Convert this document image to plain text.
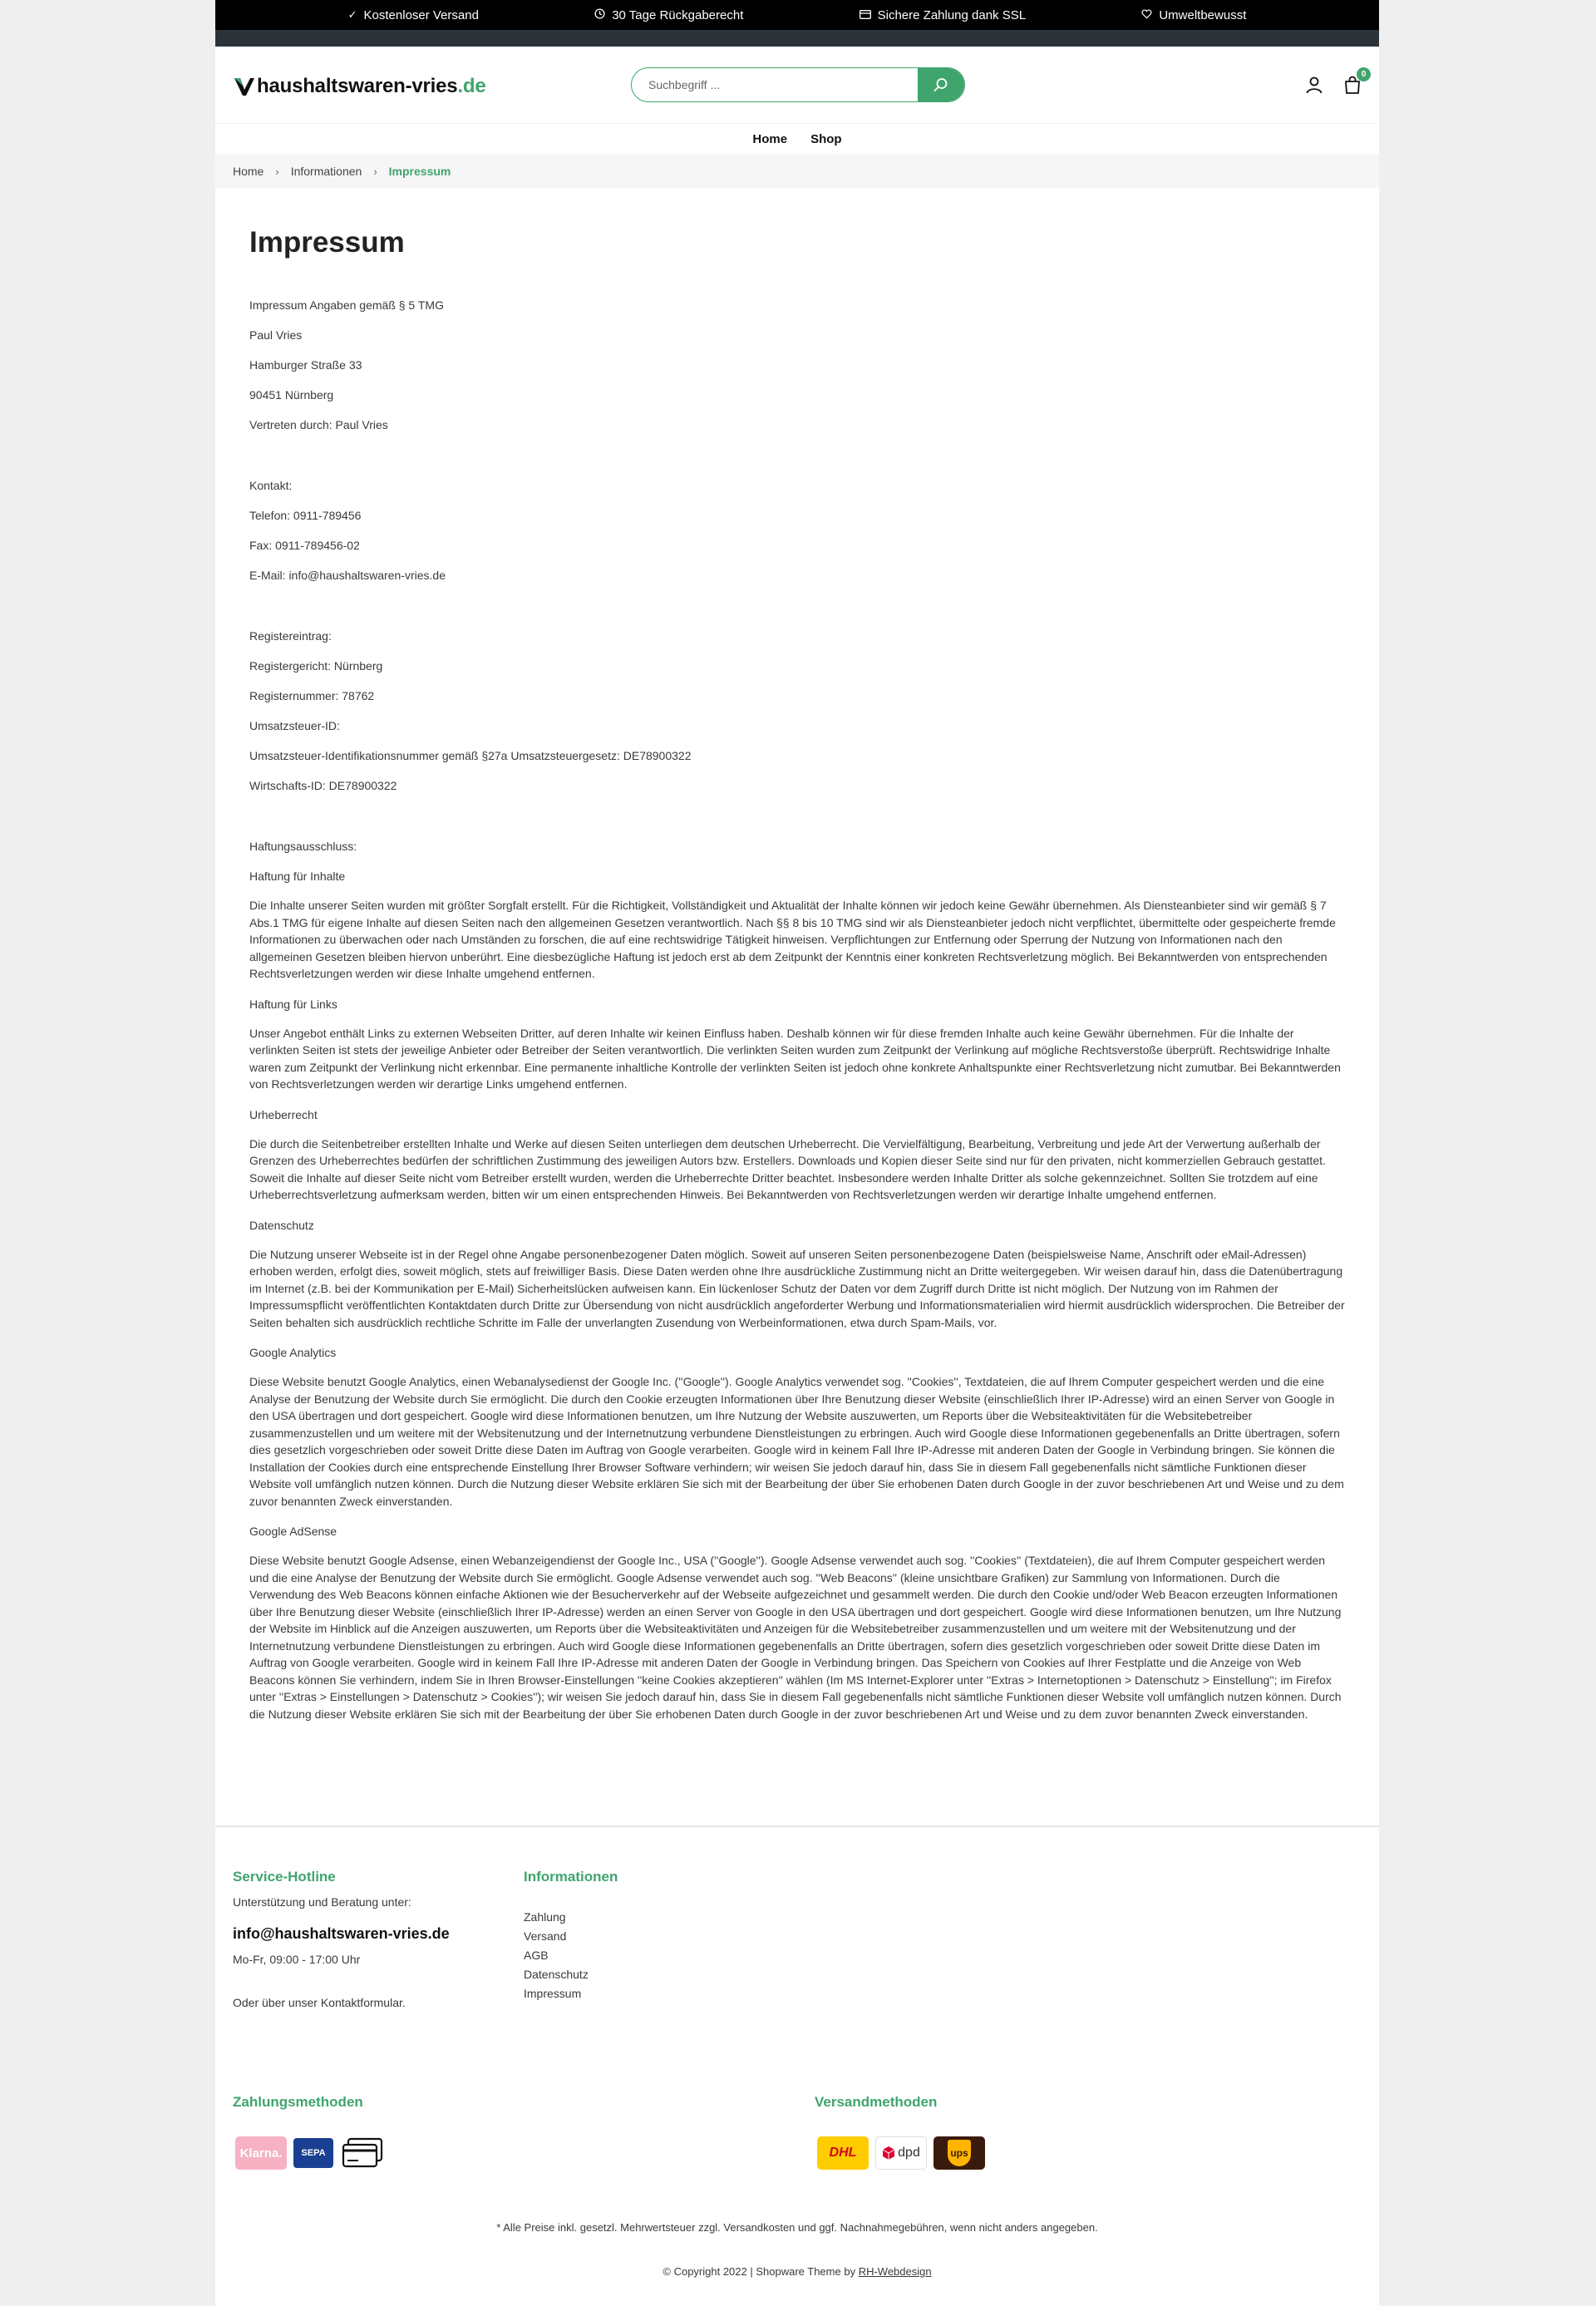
✓ Kostenloser Versand	30 Tage Rückgaberecht	Sichere Zahlung dank SSL	Umweltbewusst
haushaltswaren-vries .de
Suchbegriff ...
0
Home Shop
Home › Informationen › Impressum
Impressum

Impressum Angaben gemäß § 5 TMG

Paul Vries

Hamburger Straße 33

90451 Nürnberg

Vertreten durch: Paul Vries

Kontakt:

Telefon: 0911-789456

Fax: 0911-789456-02

E-Mail: info@haushaltswaren-vries.de

Registereintrag:

Registergericht: Nürnberg

Registernummer: 78762

Umsatzsteuer-ID:

Umsatzsteuer-Identifikationsnummer gemäß §27a Umsatzsteuergesetz: DE78900322

Wirtschafts-ID: DE78900322

Haftungsausschluss:

Haftung für Inhalte

Die Inhalte unserer Seiten wurden mit größter Sorgfalt erstellt. Für die Richtigkeit, Vollständigkeit und Aktualität der Inhalte können wir jedoch keine Gewähr übernehmen. Als Diensteanbieter sind wir gemäß § 7 Abs.1 TMG für eigene Inhalte auf diesen Seiten nach den allgemeinen Gesetzen verantwortlich. Nach §§ 8 bis 10 TMG sind wir als Diensteanbieter jedoch nicht verpflichtet, übermittelte oder gespeicherte fremde Informationen zu überwachen oder nach Umständen zu forschen, die auf eine rechtswidrige Tätigkeit hinweisen. Verpflichtungen zur Entfernung oder Sperrung der Nutzung von Informationen nach den allgemeinen Gesetzen bleiben hiervon unberührt. Eine diesbezügliche Haftung ist jedoch erst ab dem Zeitpunkt der Kenntnis einer konkreten Rechtsverletzung möglich. Bei Bekanntwerden von entsprechenden Rechtsverletzungen werden wir diese Inhalte umgehend entfernen.

Haftung für Links

Unser Angebot enthält Links zu externen Webseiten Dritter, auf deren Inhalte wir keinen Einfluss haben. Deshalb können wir für diese fremden Inhalte auch keine Gewähr übernehmen. Für die Inhalte der verlinkten Seiten ist stets der jeweilige Anbieter oder Betreiber der Seiten verantwortlich. Die verlinkten Seiten wurden zum Zeitpunkt der Verlinkung auf mögliche Rechtsverstoße überprüft. Rechtswidrige Inhalte waren zum Zeitpunkt der Verlinkung nicht erkennbar. Eine permanente inhaltliche Kontrolle der verlinkten Seiten ist jedoch ohne konkrete Anhaltspunkte einer Rechtsverletzung nicht zumutbar. Bei Bekanntwerden von Rechtsverletzungen werden wir derartige Links umgehend entfernen.

Urheberrecht

Die durch die Seitenbetreiber erstellten Inhalte und Werke auf diesen Seiten unterliegen dem deutschen Urheberrecht. Die Vervielfältigung, Bearbeitung, Verbreitung und jede Art der Verwertung außerhalb der Grenzen des Urheberrechtes bedürfen der schriftlichen Zustimmung des jeweiligen Autors bzw. Erstellers. Downloads und Kopien dieser Seite sind nur für den privaten, nicht kommerziellen Gebrauch gestattet. Soweit die Inhalte auf dieser Seite nicht vom Betreiber erstellt wurden, werden die Urheberrechte Dritter beachtet. Insbesondere werden Inhalte Dritter als solche gekennzeichnet. Sollten Sie trotzdem auf eine Urheberrechtsverletzung aufmerksam werden, bitten wir um einen entsprechenden Hinweis. Bei Bekanntwerden von Rechtsverletzungen werden wir derartige Inhalte umgehend entfernen.

Datenschutz

Die Nutzung unserer Webseite ist in der Regel ohne Angabe personenbezogener Daten möglich. Soweit auf unseren Seiten personenbezogene Daten (beispielsweise Name, Anschrift oder eMail-Adressen) erhoben werden, erfolgt dies, soweit möglich, stets auf freiwilliger Basis. Diese Daten werden ohne Ihre ausdrückliche Zustimmung nicht an Dritte weitergegeben. Wir weisen darauf hin, dass die Datenübertragung im Internet (z.B. bei der Kommunikation per E-Mail) Sicherheitslücken aufweisen kann. Ein lückenloser Schutz der Daten vor dem Zugriff durch Dritte ist nicht möglich. Der Nutzung von im Rahmen der Impressumspflicht veröffentlichten Kontaktdaten durch Dritte zur Übersendung von nicht ausdrücklich angeforderter Werbung und Informationsmaterialien wird hiermit ausdrücklich widersprochen. Die Betreiber der Seiten behalten sich ausdrücklich rechtliche Schritte im Falle der unverlangten Zusendung von Werbeinformationen, etwa durch Spam-Mails, vor.

Google Analytics

Diese Website benutzt Google Analytics, einen Webanalysedienst der Google Inc. (''Google''). Google Analytics verwendet sog. ''Cookies'', Textdateien, die auf Ihrem Computer gespeichert werden und die eine Analyse der Benutzung der Website durch Sie ermöglicht. Die durch den Cookie erzeugten Informationen über Ihre Benutzung dieser Website (einschließlich Ihrer IP-Adresse) wird an einen Server von Google in den USA übertragen und dort gespeichert. Google wird diese Informationen benutzen, um Ihre Nutzung der Website auszuwerten, um Reports über die Websiteaktivitäten für die Websitebetreiber zusammenzustellen und um weitere mit der Websitenutzung und der Internetnutzung verbundene Dienstleistungen zu erbringen. Auch wird Google diese Informationen gegebenenfalls an Dritte übertragen, sofern dies gesetzlich vorgeschrieben oder soweit Dritte diese Daten im Auftrag von Google verarbeiten. Google wird in keinem Fall Ihre IP-Adresse mit anderen Daten der Google in Verbindung bringen. Sie können die Installation der Cookies durch eine entsprechende Einstellung Ihrer Browser Software verhindern; wir weisen Sie jedoch darauf hin, dass Sie in diesem Fall gegebenenfalls nicht sämtliche Funktionen dieser Website voll umfänglich nutzen können. Durch die Nutzung dieser Website erklären Sie sich mit der Bearbeitung der über Sie erhobenen Daten durch Google in der zuvor beschriebenen Art und Weise und zu dem zuvor benannten Zweck einverstanden.

Google AdSense

Diese Website benutzt Google Adsense, einen Webanzeigendienst der Google Inc., USA (''Google''). Google Adsense verwendet auch sog. ''Cookies'' (Textdateien), die auf Ihrem Computer gespeichert werden und die eine Analyse der Benutzung der Website durch Sie ermöglicht. Google Adsense verwendet auch sog. ''Web Beacons'' (kleine unsichtbare Grafiken) zur Sammlung von Informationen. Durch die Verwendung des Web Beacons können einfache Aktionen wie der Besucherverkehr auf der Webseite aufgezeichnet und gesammelt werden. Die durch den Cookie und/oder Web Beacon erzeugten Informationen über Ihre Benutzung dieser Website (einschließlich Ihrer IP-Adresse) werden an einen Server von Google in den USA übertragen und dort gespeichert. Google wird diese Informationen benutzen, um Ihre Nutzung der Website im Hinblick auf die Anzeigen auszuwerten, um Reports über die Websiteaktivitäten und Anzeigen für die Websitebetreiber zusammenzustellen und um weitere mit der Websitenutzung und der Internetnutzung verbundene Dienstleistungen zu erbringen. Auch wird Google diese Informationen gegebenenfalls an Dritte übertragen, sofern dies gesetzlich vorgeschrieben oder soweit Dritte diese Daten im Auftrag von Google verarbeiten. Google wird in keinem Fall Ihre IP-Adresse mit anderen Daten der Google in Verbindung bringen. Das Speichern von Cookies auf Ihrer Festplatte und die Anzeige von Web Beacons können Sie verhindern, indem Sie in Ihren Browser-Einstellungen ''keine Cookies akzeptieren'' wählen (Im MS Internet-Explorer unter ''Extras > Internetoptionen > Datenschutz > Einstellung''; im Firefox unter ''Extras > Einstellungen > Datenschutz > Cookies''); wir weisen Sie jedoch darauf hin, dass Sie in diesem Fall gegebenenfalls nicht sämtliche Funktionen dieser Website voll umfänglich nutzen können. Durch die Nutzung dieser Website erklären Sie sich mit der Bearbeitung der über Sie erhobenen Daten durch Google in der zuvor beschriebenen Art und Weise und zu dem zuvor benannten Zweck einverstanden.

Service-Hotline
Unterstützung und Beratung unter:
info@haushaltswaren-vries.de
Mo-Fr, 09:00 - 17:00 Uhr
Oder über unser Kontaktformular.
Informationen
Zahlung
Versand
AGB
Datenschutz
Impressum
Zahlungsmethoden
Klarna.	SEPA
Versandmethoden
DHL	dpd	ups

* Alle Preise inkl. gesetzl. Mehrwertsteuer zzgl. Versandkosten und ggf. Nachnahmegebühren, wenn nicht anders angegeben.

© Copyright 2022 | Shopware Theme by RH-Webdesign
